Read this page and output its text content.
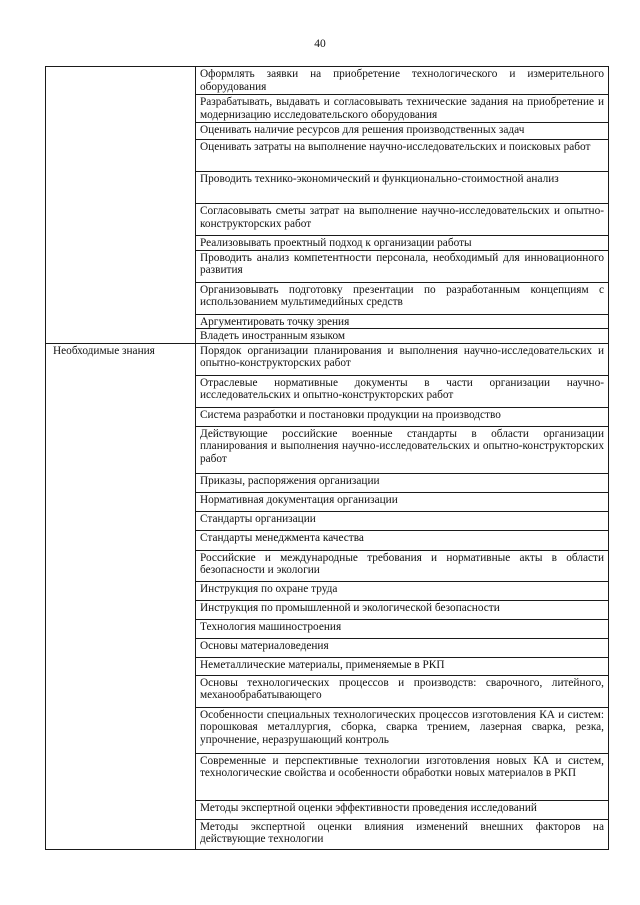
40

	Оформлять заявки на приобретение технологического и измерительного оборудования

	Разрабатывать, выдавать и согласовывать технические задания на приобретение и модернизацию исследовательского оборудования

	Оценивать наличие ресурсов для решения производственных задач

	Оценивать затраты на выполнение научно-исследовательских и поисковых работ

	Проводить технико-экономический и функционально-стоимостной анализ

	Согласовывать сметы затрат на выполнение научно-исследовательских и опытно-конструкторских работ

	Реализовывать проектный подход к организации работы

	Проводить анализ компетентности персонала, необходимый для инновационного развития

	Организовывать подготовку презентации по разработанным концепциям с использованием мультимедийных средств

	Аргументировать точку зрения

	Владеть иностранным языком

Необходимые знания	Порядок организации планирования и выполнения научно-исследовательских и опытно-конструкторских работ

	Отраслевые нормативные документы в части организации научно-исследовательских и опытно-конструкторских работ

	Система разработки и постановки продукции на производство

	Действующие российские военные стандарты в области организации планирования и выполнения научно-исследовательских и опытно-конструкторских работ

	Приказы, распоряжения организации

	Нормативная документация организации

	Стандарты организации

	Стандарты менеджмента качества

	Российские и международные требования и нормативные акты в области безопасности и экологии

	Инструкция по охране труда

	Инструкция по промышленной и экологической безопасности

	Технология машиностроения

	Основы материаловедения

	Неметаллические материалы, применяемые в РКП

	Основы технологических процессов и производств: сварочного, литейного, механообрабатывающего

	Особенности специальных технологических процессов изготовления КА и систем: порошковая металлургия, сборка, сварка трением, лазерная сварка, резка, упрочнение, неразрушающий контроль

	Современные и перспективные технологии изготовления новых КА и систем, технологические свойства и особенности обработки новых материалов в РКП

	Методы экспертной оценки эффективности проведения исследований

	Методы экспертной оценки влияния изменений внешних факторов на действующие технологии
